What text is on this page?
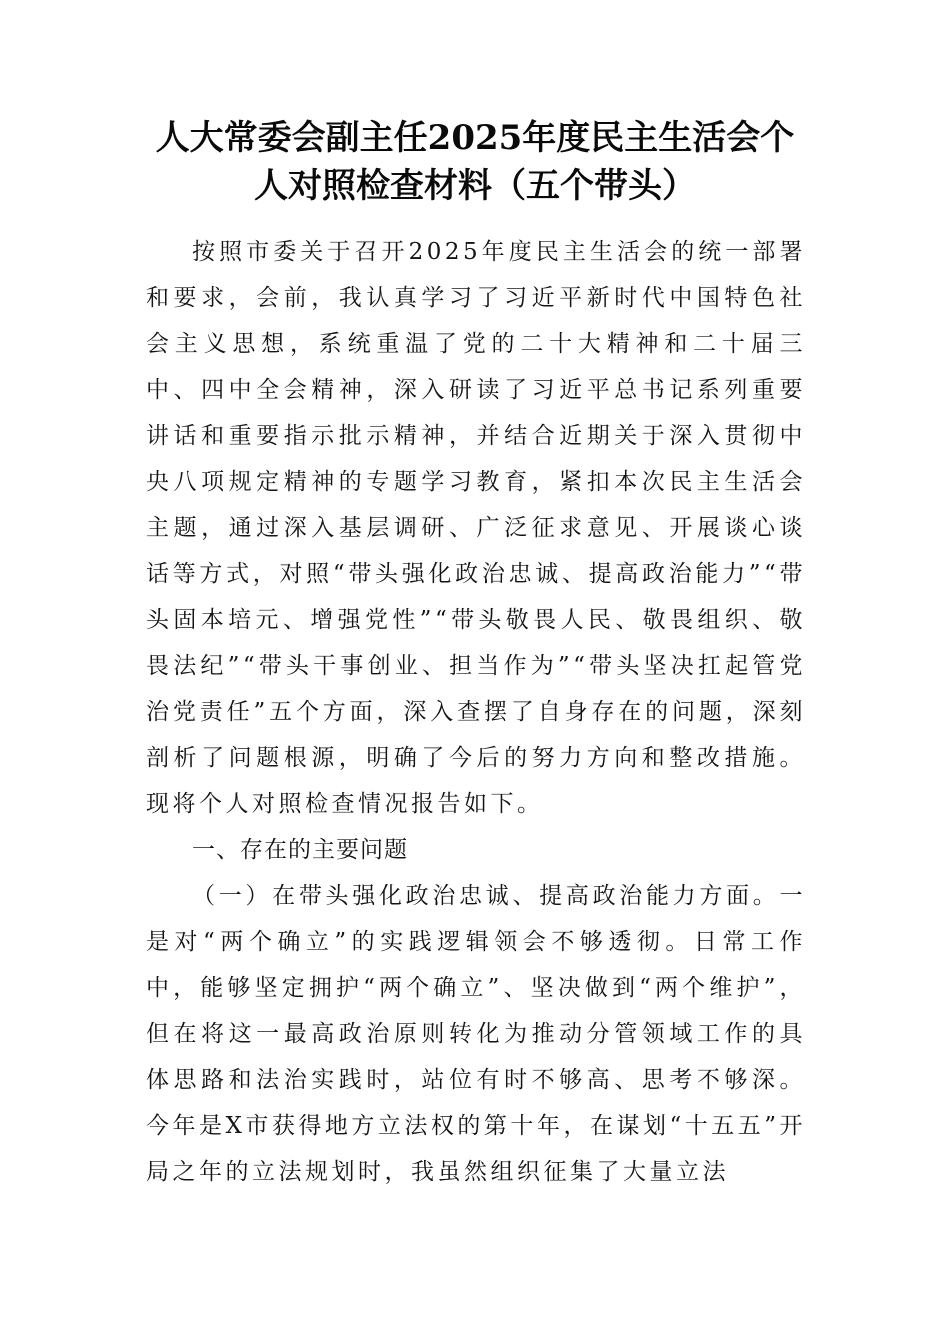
人大常委会副主任2025年度民主生活会个
人对照检查材料（五个带头）

按照市委关于召开2025年度民主生活会的统一部署和要求，会前，我认真学习了习近平新时代中国特色社会主义思想，系统重温了党的二十大精神和二十届三中、四中全会精神，深入研读了习近平总书记系列重要讲话和重要指示批示精神，并结合近期关于深入贯彻中央八项规定精神的专题学习教育，紧扣本次民主生活会主题，通过深入基层调研、广泛征求意见、开展谈心谈话等方式，对照“带头强化政治忠诚、提高政治能力”“带头固本培元、增强党性”“带头敬畏人民、敬畏组织、敬畏法纪”“带头干事创业、担当作为”“带头坚决扛起管党治党责任”五个方面，深入查摆了自身存在的问题，深刻剖析了问题根源，明确了今后的努力方向和整改措施。现将个人对照检查情况报告如下。

一、存在的主要问题

（一）在带头强化政治忠诚、提高政治能力方面。一是对“两个确立”的实践逻辑领会不够透彻。日常工作中，能够坚定拥护“两个确立”、坚决做到“两个维护”，但在将这一最高政治原则转化为推动分管领域工作的具体思路和法治实践时，站位有时不够高、思考不够深。今年是X市获得地方立法权的第十年，在谋划“十五五”开局之年的立法规划时，我虽然组织征集了大量立法
